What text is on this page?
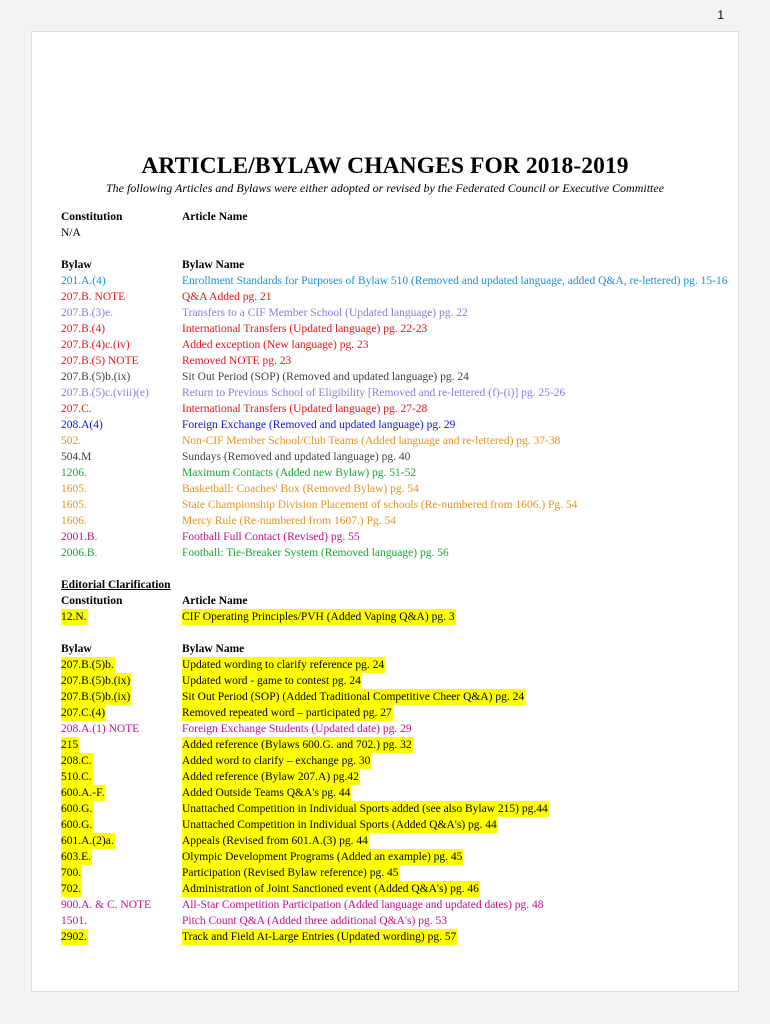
1
ARTICLE/BYLAW CHANGES FOR 2018-2019
The following Articles and Bylaws were either adopted or revised by the Federated Council or Executive Committee
Constitution	Article Name
N/A
Bylaw	Bylaw Name
201.A.(4)	Enrollment Standards for Purposes of Bylaw 510 (Removed and updated language, added Q&A, re-lettered) pg. 15-16
207.B. NOTE	Q&A Added pg. 21
207.B.(3)e.	Transfers to a CIF Member School (Updated language) pg. 22
207.B.(4)	International Transfers (Updated language) pg. 22-23
207.B.(4)c.(iv)	Added exception (New language) pg. 23
207.B.(5) NOTE	Removed NOTE pg. 23
207.B.(5)b.(ix)	Sit Out Period (SOP) (Removed and updated language) pg. 24
207.B.(5)c.(viii)(e)	Return to Previous School of Eligibility [Removed and re-lettered (f)-(i)] pg. 25-26
207.C.	International Transfers (Updated language) pg. 27-28
208.A(4)	Foreign Exchange (Removed and updated language) pg. 29
502.	Non-CIF Member School/Club Teams (Added language and re-lettered) pg. 37-38
504.M	Sundays (Removed and updated language) pg. 40
1206.	Maximum Contacts (Added new Bylaw) pg. 51-52
1605.	Basketball: Coaches' Box (Removed Bylaw) pg. 54
1605.	State Championship Division Placement of schools (Re-numbered from 1606.) Pg. 54
1606.	Mercy Rule (Re-numbered from 1607.) Pg. 54
2001.B.	Football Full Contact (Revised) pg. 55
2006.B.	Football: Tie-Breaker System (Removed language) pg. 56
Editorial Clarification
Constitution	Article Name
12.N.	CIF Operating Principles/PVH (Added Vaping Q&A) pg. 3
Bylaw	Bylaw Name
207.B.(5)b.	Updated wording to clarify reference pg. 24
207.B.(5)b.(ix)	Updated word - game to contest pg. 24
207.B.(5)b.(ix)	Sit Out Period (SOP) (Added Traditional Competitive Cheer Q&A) pg. 24
207.C.(4)	Removed repeated word – participated pg. 27
208.A.(1) NOTE	Foreign Exchange Students (Updated date) pg. 29
215	Added reference (Bylaws 600.G. and 702.) pg. 32
208.C.	Added word to clarify – exchange pg. 30
510.C.	Added reference (Bylaw 207.A) pg.42
600.A.-F.	Added Outside Teams Q&A's pg. 44
600.G.	Unattached Competition in Individual Sports added (see also Bylaw 215) pg.44
600.G.	Unattached Competition in Individual Sports (Added Q&A's) pg. 44
601.A.(2)a.	Appeals (Revised from 601.A.(3) pg. 44
603.E.	Olympic Development Programs (Added an example) pg. 45
700.	Participation (Revised Bylaw reference) pg. 45
702.	Administration of Joint Sanctioned event (Added Q&A's) pg. 46
900.A. & C. NOTE	All-Star Competition Participation (Added language and updated dates) pg. 48
1501.	Pitch Count Q&A (Added three additional Q&A's) pg. 53
2902.	Track and Field At-Large Entries (Updated wording) pg. 57
